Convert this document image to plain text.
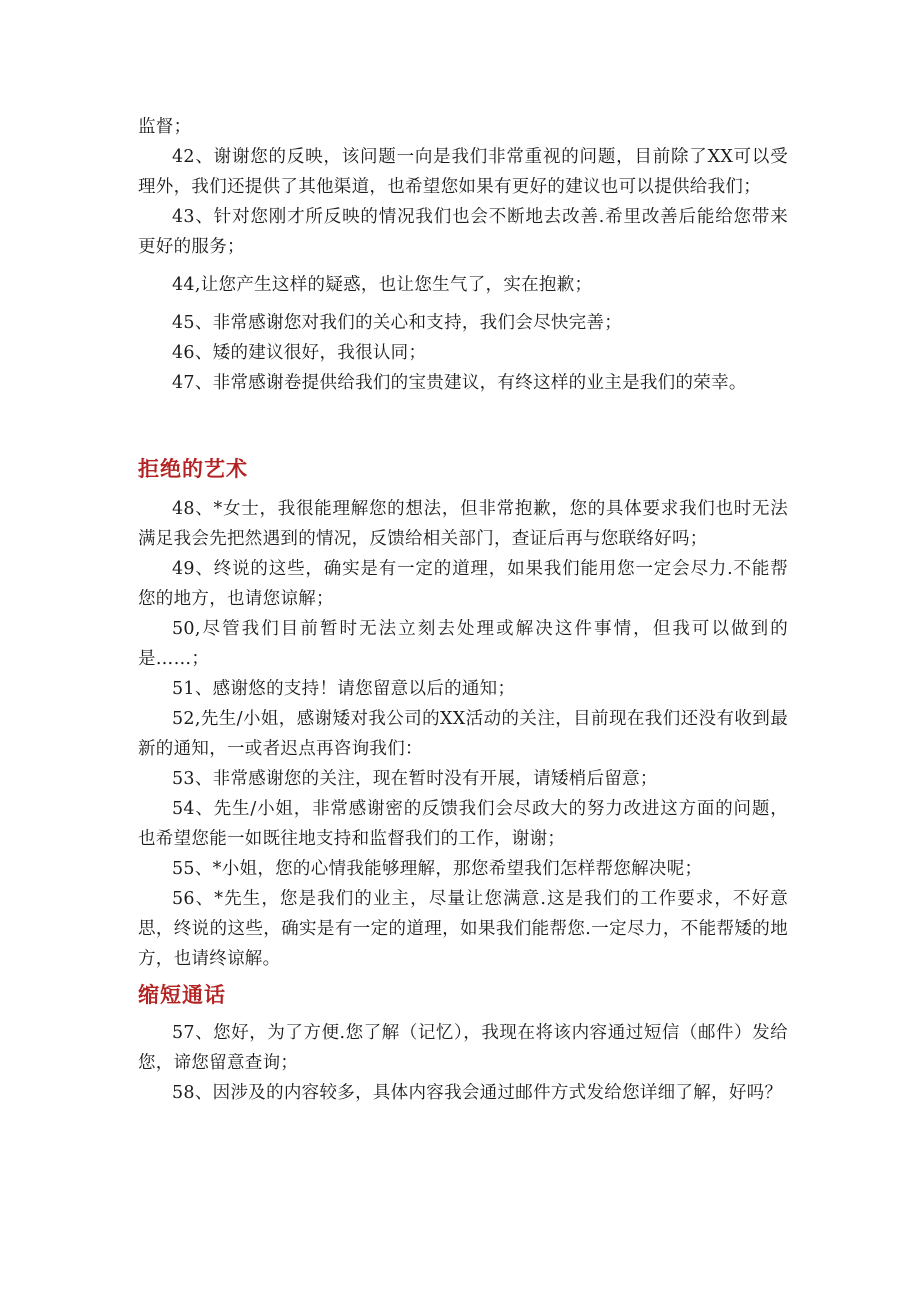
监督；

42、谢谢您的反映，该问题一向是我们非常重视的问题，目前除了XX可以受理外，我们还提供了其他渠道，也希望您如果有更好的建议也可以提供给我们；

43、针对您刚才所反映的情况我们也会不断地去改善.希里改善后能给您带来更好的服务；

44,让您产生这样的疑惑，也让您生气了，实在抱歉；

45、非常感谢您对我们的关心和支持，我们会尽快完善；

46、矮的建议很好，我很认同；

47、非常感谢卷提供给我们的宝贵建议，有终这样的业主是我们的荣幸。

拒绝的艺术

48、*女士，我很能理解您的想法，但非常抱歉，您的具体要求我们也时无法满足我会先把然遇到的情况，反馈给相关部门，查证后再与您联络好吗；

49、终说的这些，确实是有一定的道理，如果我们能用您一定会尽力.不能帮您的地方，也请您谅解；

50,尽管我们目前暂时无法立刻去处理或解决这件事情，但我可以做到的是……；

51、感谢悠的支持！请您留意以后的通知；

52,先生/小姐，感谢矮对我公司的XX活动的关注，目前现在我们还没有收到最新的通知，一或者迟点再咨询我们：

53、非常感谢您的关注，现在暂时没有开展，请矮梢后留意；

54、先生/小姐，非常感谢密的反馈我们会尽政大的努力改进这方面的问题，也希望您能一如既往地支持和监督我们的工作，谢谢；

55、*小姐，您的心情我能够理解，那您希望我们怎样帮您解决呢；

56、*先生，您是我们的业主，尽量让您满意.这是我们的工作要求，不好意思，终说的这些，确实是有一定的道理，如果我们能帮您.一定尽力，不能帮矮的地方，也请终谅解。

缩短通话

57、您好，为了方便.您了解（记忆），我现在将该内容通过短信（邮件）发给您，谛您留意查询；

58、因涉及的内容较多，具体内容我会通过邮件方式发给您详细了解，好吗？
